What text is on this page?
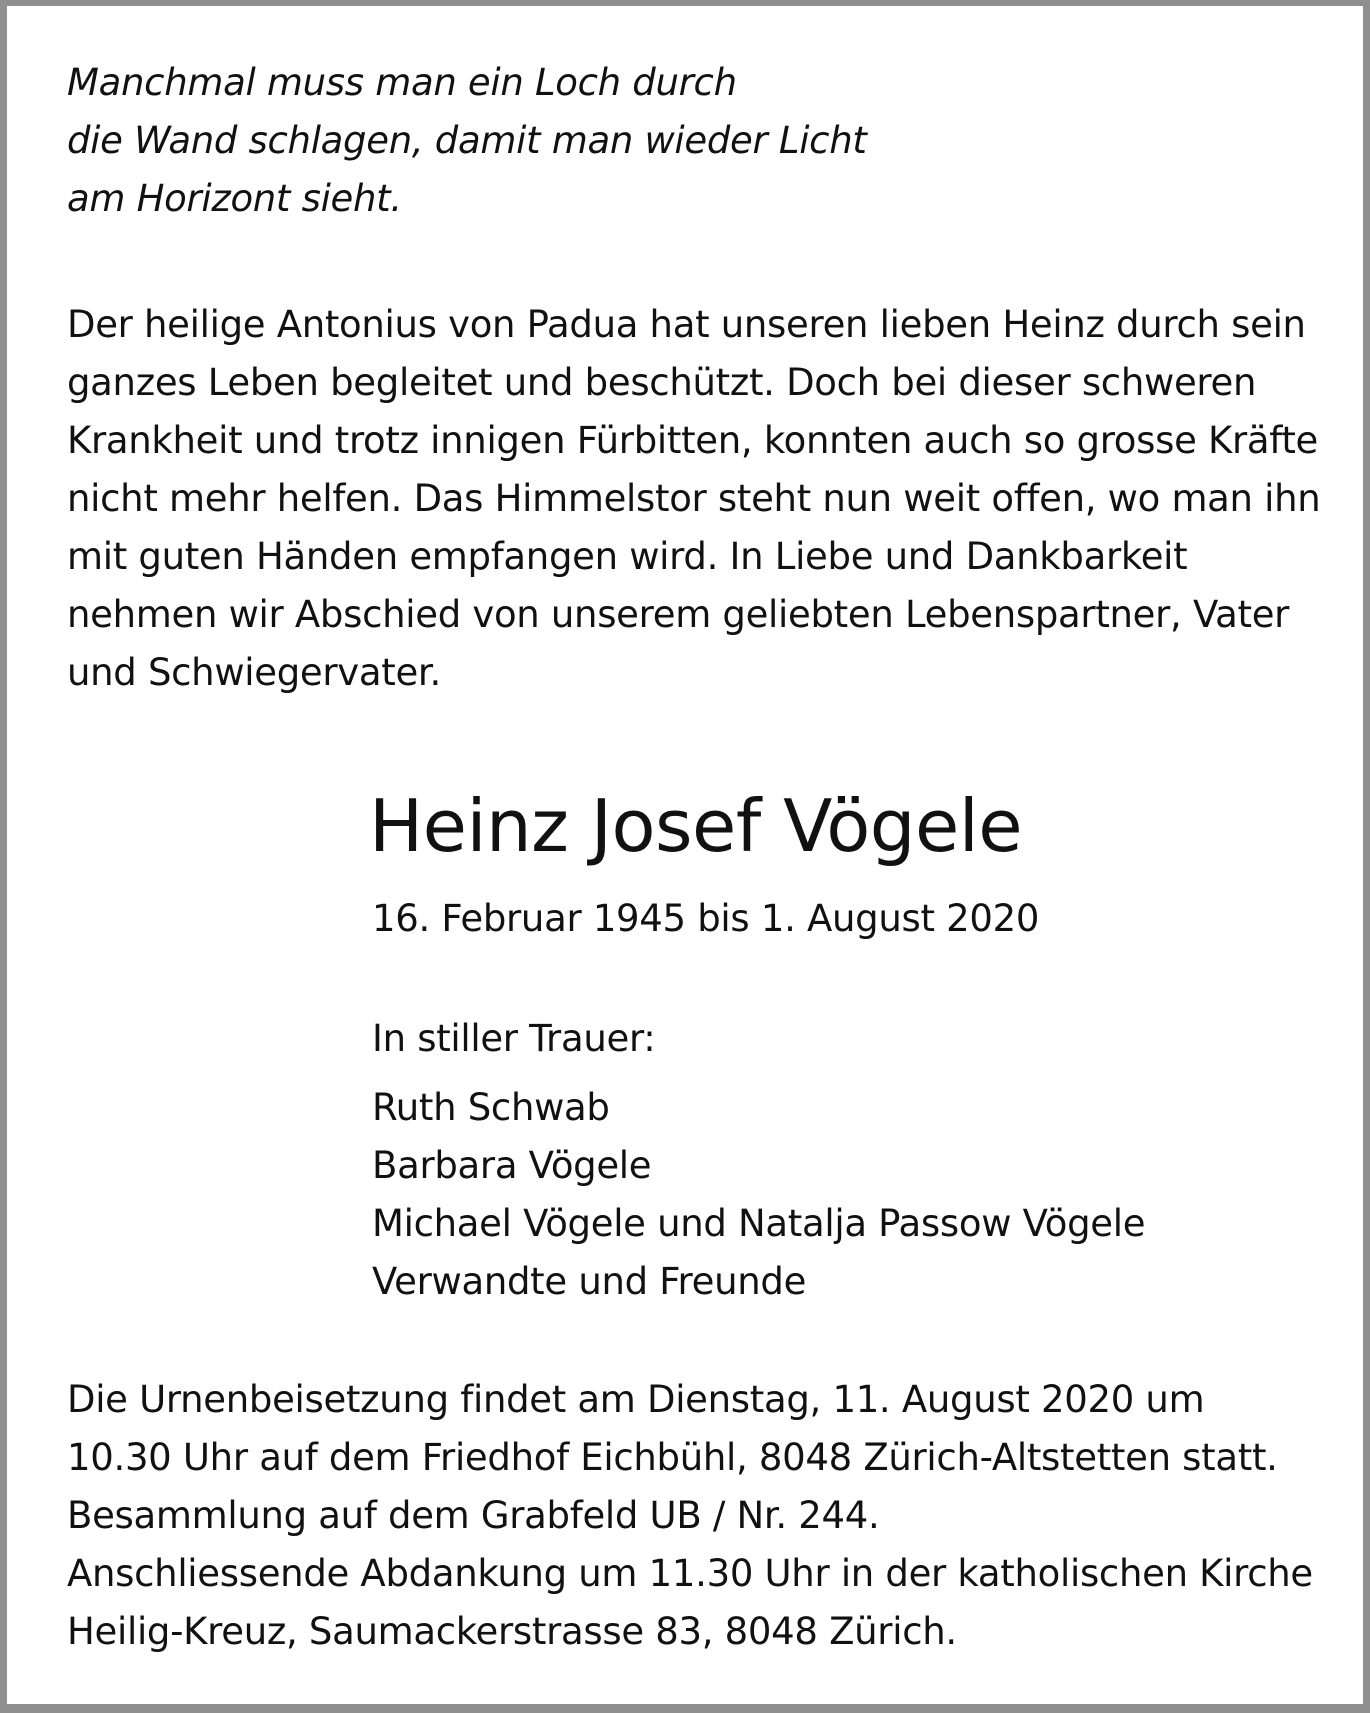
Manchmal muss man ein Loch durch
die Wand schlagen, damit man wieder Licht
am Horizont sieht.
Der heilige Antonius von Padua hat unseren lieben Heinz durch sein
ganzes Leben begleitet und beschützt. Doch bei dieser schweren
Krankheit und trotz innigen Fürbitten, konnten auch so grosse Kräfte
nicht mehr helfen. Das Himmelstor steht nun weit offen, wo man ihn
mit guten Händen empfangen wird. In Liebe und Dankbarkeit
nehmen wir Abschied von unserem geliebten Lebenspartner, Vater
und Schwiegervater.
Heinz Josef Vögele
16. Februar 1945 bis 1. August 2020
In stiller Trauer:
Ruth Schwab
Barbara Vögele
Michael Vögele und Natalja Passow Vögele
Verwandte und Freunde
Die Urnenbeisetzung findet am Dienstag, 11. August 2020 um
10.30 Uhr auf dem Friedhof Eichbühl, 8048 Zürich-Altstetten statt.
Besammlung auf dem Grabfeld UB / Nr. 244.
Anschliessende Abdankung um 11.30 Uhr in der katholischen Kirche
Heilig-Kreuz, Saumackerstrasse 83, 8048 Zürich.
